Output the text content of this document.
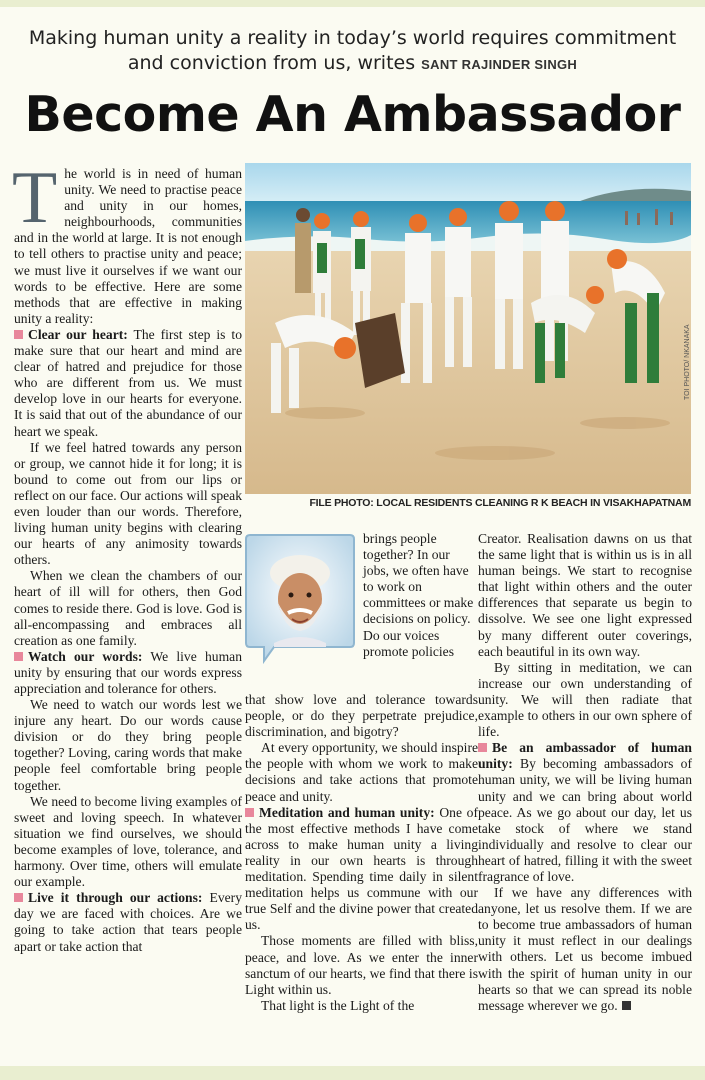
Making human unity a reality in today’s world requires commitment
and conviction from us, writes SANT RAJINDER SINGH
Become An Ambassador

The world is in need of human unity. We need to practise peace and unity in our homes, neighbourhoods, communities and in the world at large. It is not enough to tell others to practise unity and peace; we must live it ourselves if we want our words to be effective. Here are some methods that are effective in making unity a reality:

Clear our heart: The first step is to make sure that our heart and mind are clear of hatred and prejudice for those who are different from us. We must develop love in our hearts for everyone. It is said that out of the abundance of our heart we speak.

If we feel hatred towards any person or group, we cannot hide it for long; it is bound to come out from our lips or reflect on our face. Our actions will speak even louder than our words. Therefore, living human unity begins with clearing our hearts of any animosity towards others.

When we clean the chambers of our heart of ill will for others, then God comes to reside there. God is love. God is all-encompassing and embraces all creation as one family.

Watch our words: We live human unity by ensuring that our words express appreciation and tolerance for others.

We need to watch our words lest we injure any heart. Do our words cause division or do they bring people together? Loving, caring words that make people feel comfortable bring people together.

We need to become living examples of sweet and loving speech. In whatever situation we find ourselves, we should become examples of love, tolerance, and harmony. Over time, others will emulate our example.

Live it through our actions: Every day we are faced with choices. Are we going to take action that tears people apart or take action that

TOI PHOTO/ NKANAKA
FILE PHOTO: LOCAL RESIDENTS CLEANING R K BEACH IN VISAKHAPATNAM

brings people together? In our jobs, we often have to work on committees or make decisions on policy. Do our voices promote policies

that show love and tolerance towards people, or do they perpetrate prejudice, discrimination, and bigotry?

At every opportunity, we should inspire the people with whom we work to make decisions and take actions that promote peace and unity.

Meditation and human unity: One of the most effective methods I have come across to make human unity a living reality in our own hearts is through meditation. Spending time daily in silent meditation helps us commune with our true Self and the divine power that created us.

Those moments are filled with bliss, peace, and love. As we enter the inner sanctum of our hearts, we find that there is Light within us.

That light is the Light of the

Creator. Realisation dawns on us that the same light that is within us is in all human beings. We start to recognise that light within others and the outer differences that separate us begin to dissolve. We see one light expressed by many different outer coverings, each beautiful in its own way.

By sitting in meditation, we can increase our own understanding of unity. We will then radiate that example to others in our own sphere of life.

Be an ambassador of human unity: By becoming ambassadors of human unity, we will be living human unity and we can bring about world peace. As we go about our day, let us take stock of where we stand individually and resolve to clear our heart of hatred, filling it with the sweet fragrance of love.

If we have any differences with anyone, let us resolve them. If we are to become true ambassadors of human unity it must reflect in our dealings with others. Let us become imbued with the spirit of human unity in our hearts so that we can spread its noble message wherever we go.
